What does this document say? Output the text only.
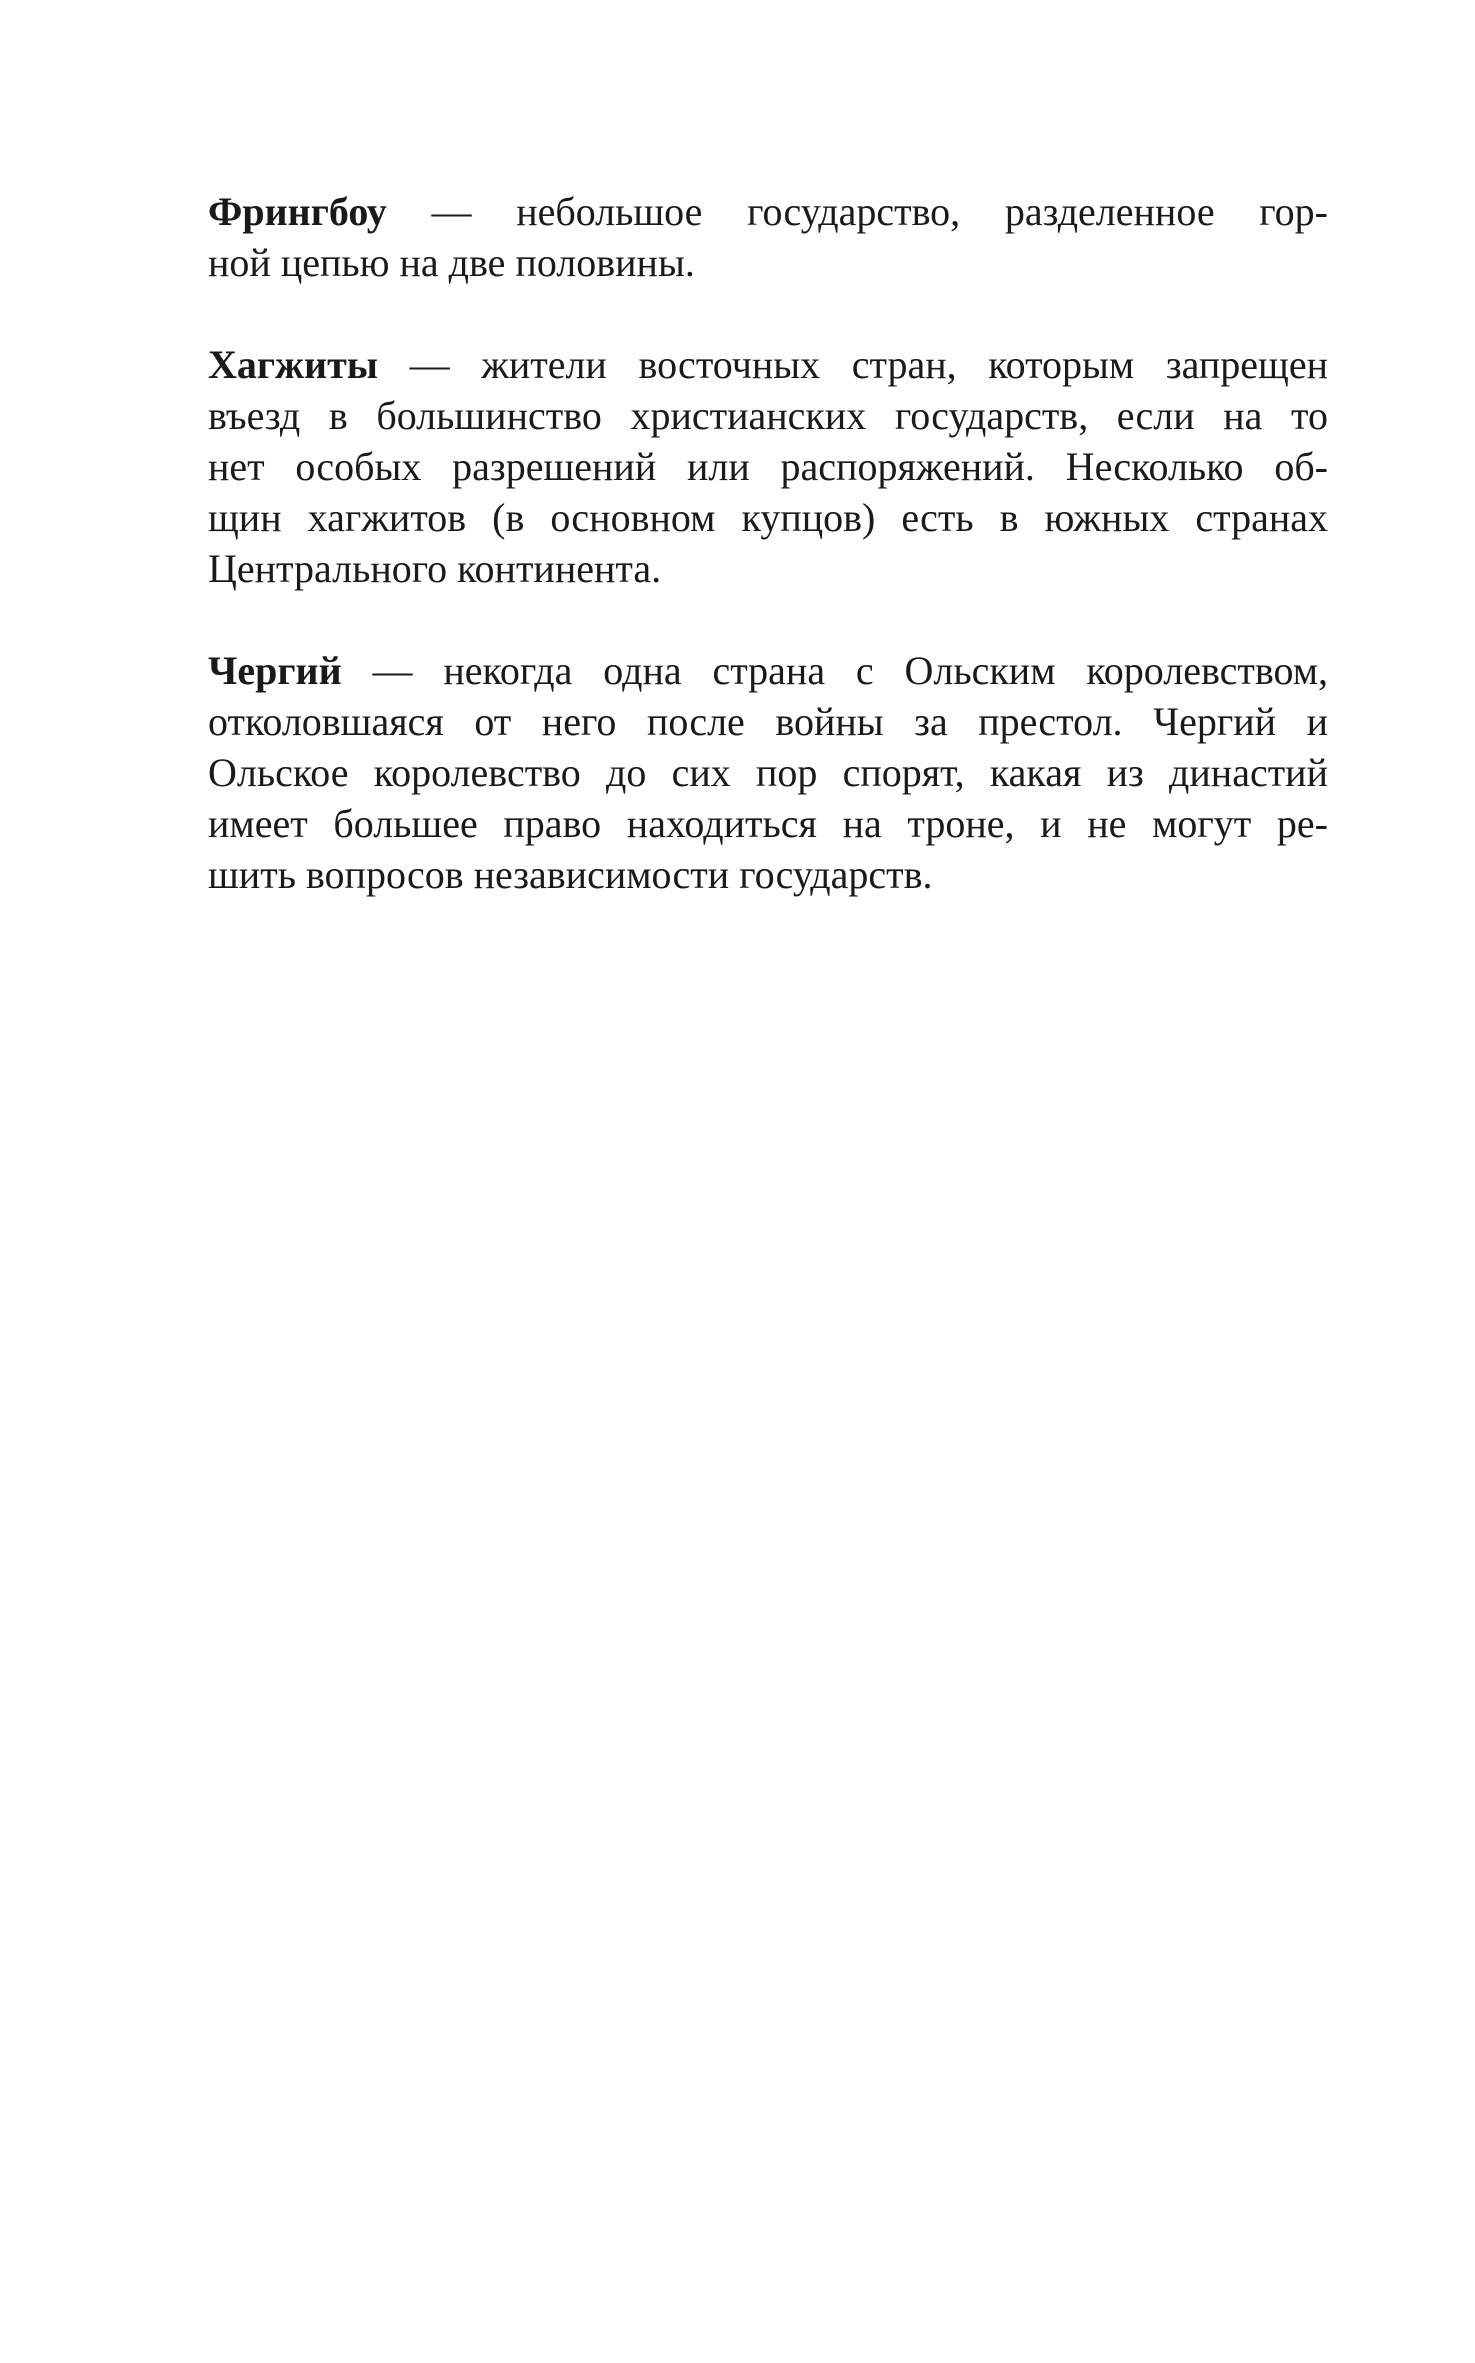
Фрингбоу — небольшое государство, разделенное гор-
ной цепью на две половины.
Хагжиты — жители восточных стран, которым запрещен
въезд в большинство христианских государств, если на то
нет особых разрешений или распоряжений. Несколько об-
щин хагжитов (в основном купцов) есть в южных странах
Центрального континента.
Чергий — некогда одна страна с Ольским королевством,
отколовшаяся от него после войны за престол. Чергий и
Ольское королевство до сих пор спорят, какая из династий
имеет большее право находиться на троне, и не могут ре-
шить вопросов независимости государств.
